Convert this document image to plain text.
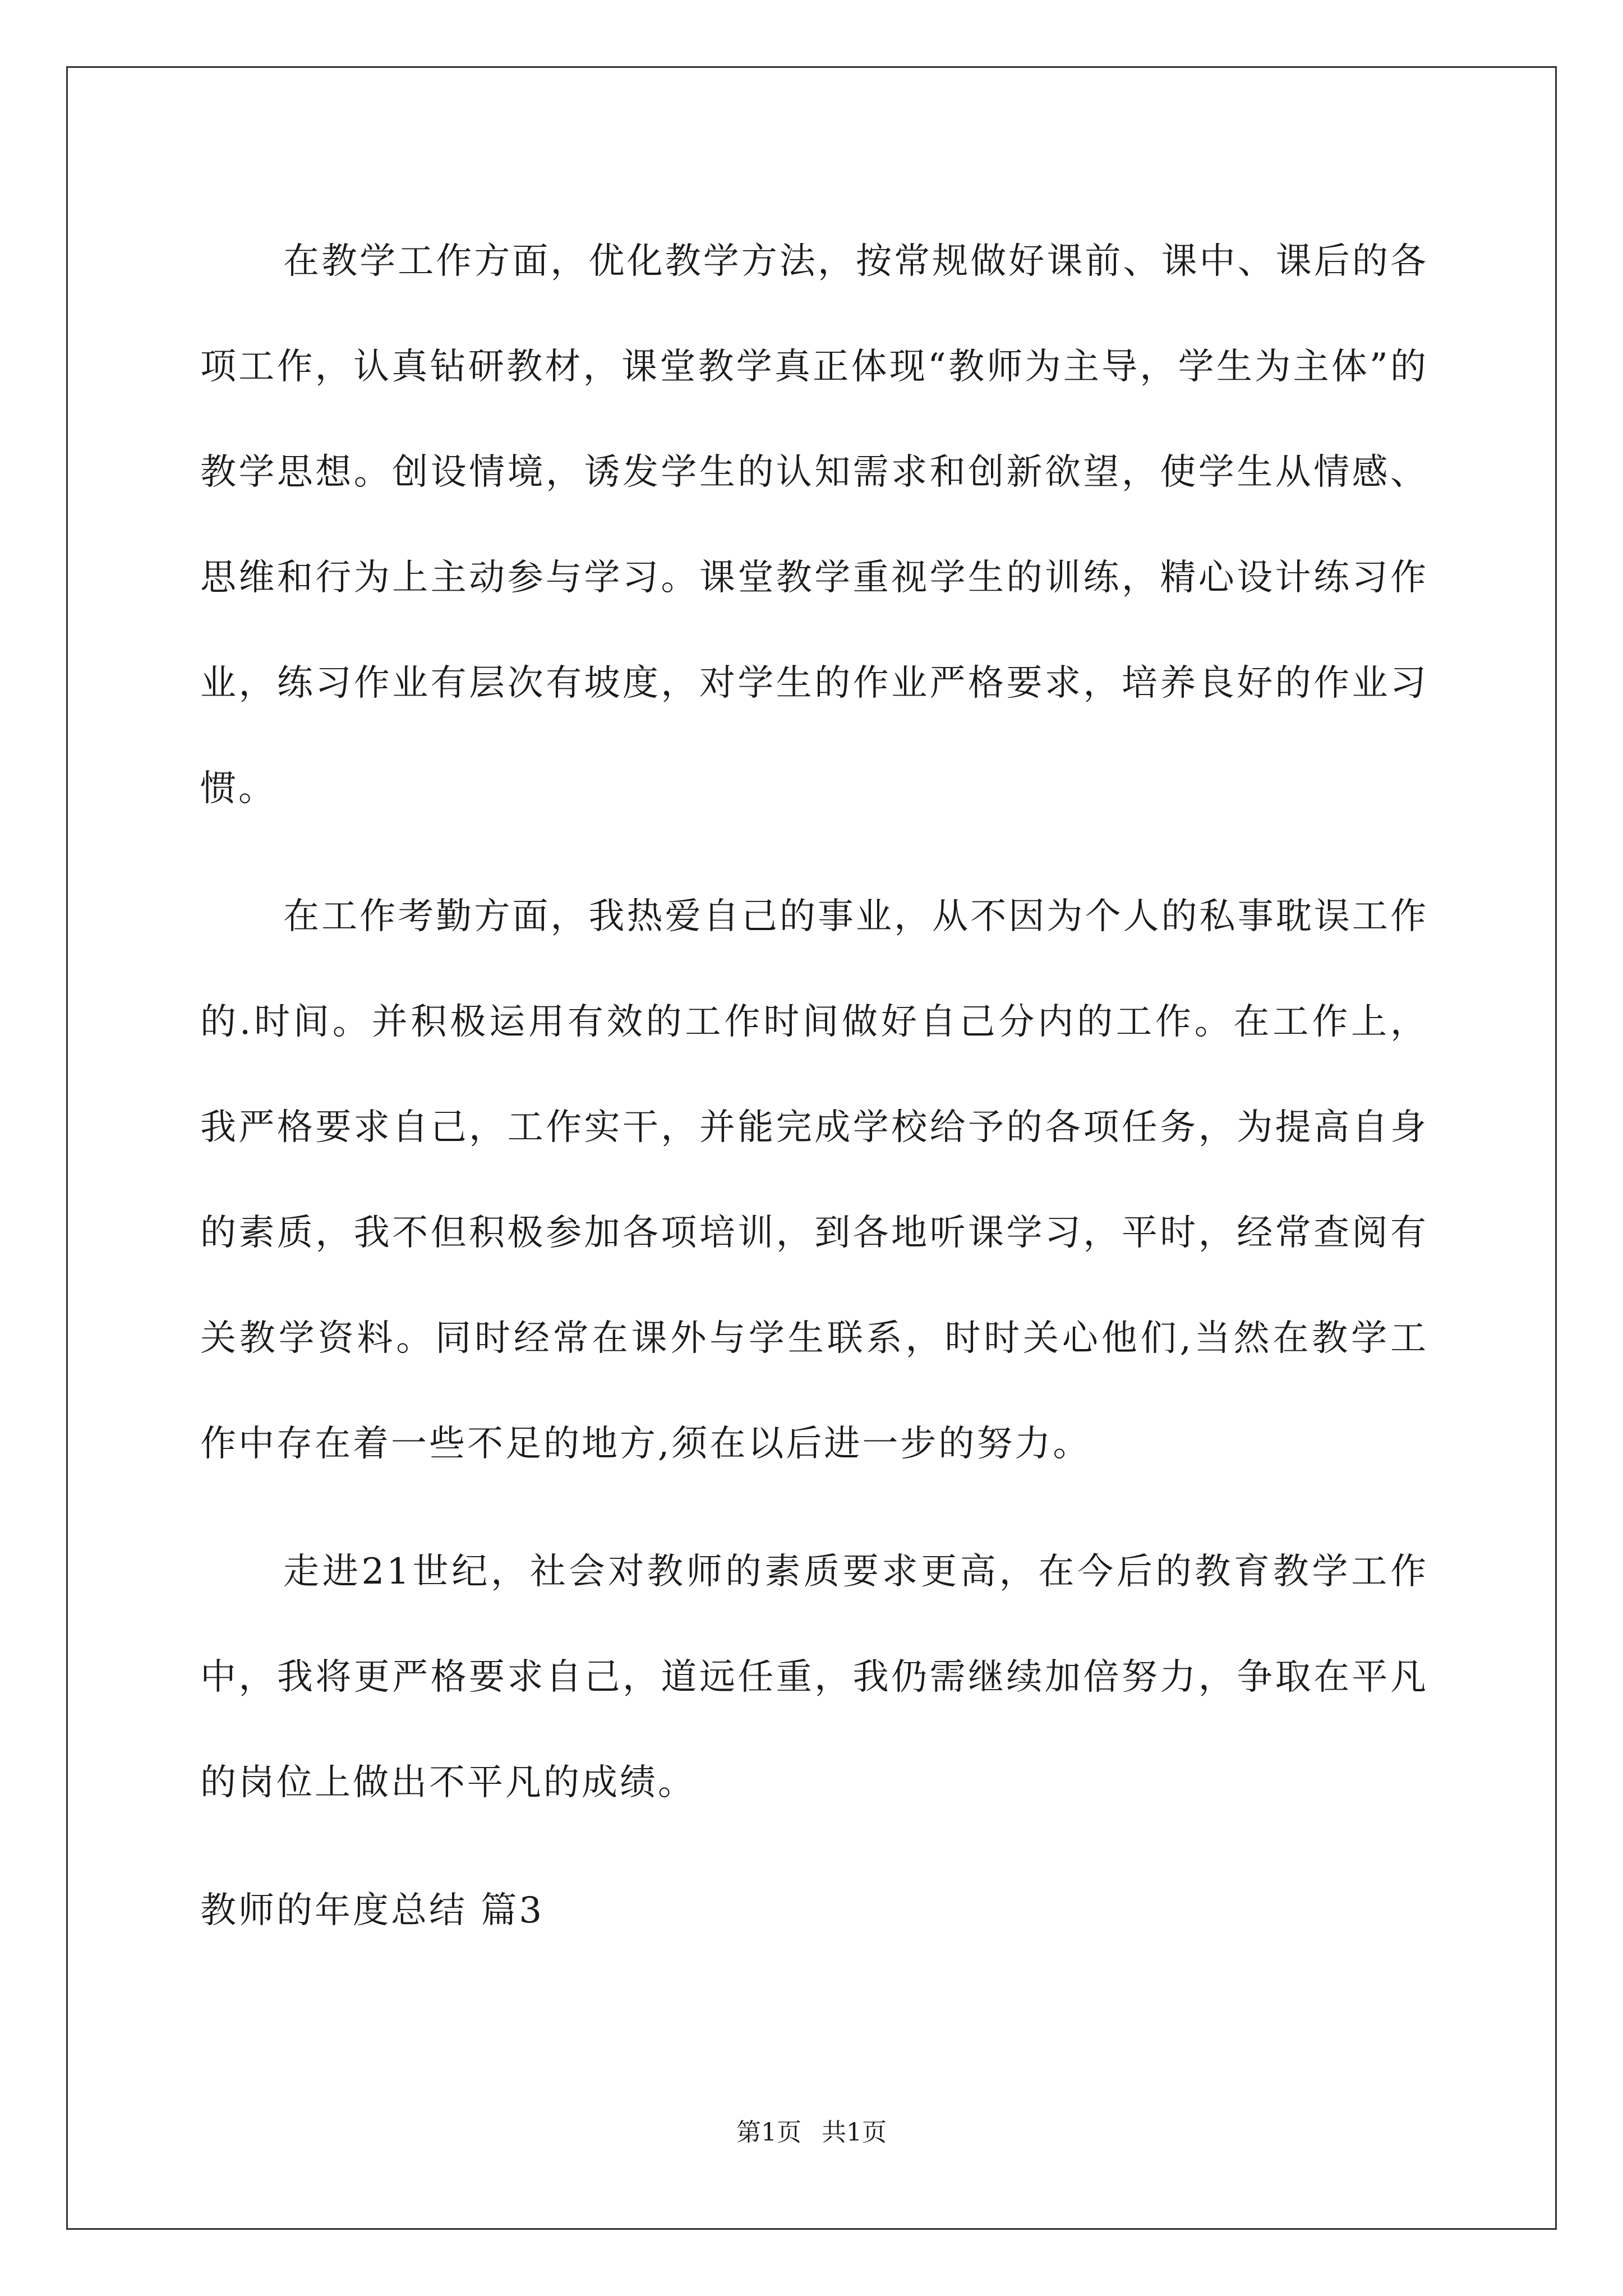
在教学工作方面，优化教学方法，按常规做好课前、课中、课后的各项工作，认真钻研教材，课堂教学真正体现“教师为主导，学生为主体”的教学思想。创设情境，诱发学生的认知需求和创新欲望，使学生从情感、思维和行为上主动参与学习。课堂教学重视学生的训练，精心设计练习作业，练习作业有层次有坡度，对学生的作业严格要求，培养良好的作业习惯。

在工作考勤方面，我热爱自己的事业，从不因为个人的私事耽误工作的.时间。并积极运用有效的工作时间做好自己分内的工作。在工作上，我严格要求自己，工作实干，并能完成学校给予的各项任务，为提高自身的素质，我不但积极参加各项培训，到各地听课学习，平时，经常查阅有关教学资料。同时经常在课外与学生联系，时时关心他们,当然在教学工作中存在着一些不足的地方,须在以后进一步的努力。

走进21世纪，社会对教师的素质要求更高，在今后的教育教学工作中，我将更严格要求自己，道远任重，我仍需继续加倍努力，争取在平凡的岗位上做出不平凡的成绩。

教师的年度总结 篇3

第1页 共1页
